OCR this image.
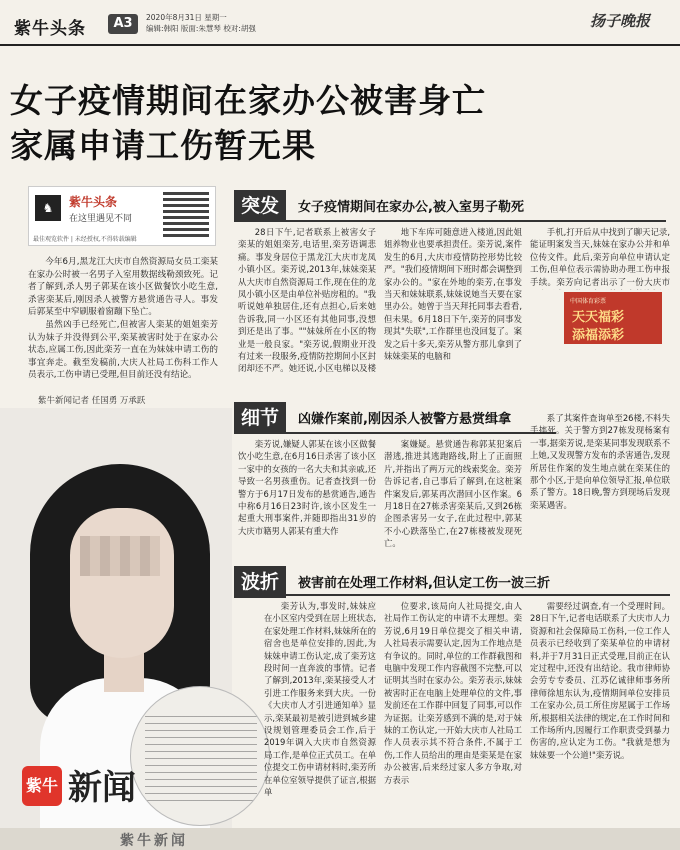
紫牛头条	A3	2020年8月31日 星期一
编辑:韩阳 版面:朱慧琴 校对:胡强	扬子晚报
女子疫情期间在家办公被害身亡
家属申请工伤暂无果
♞	紫牛头条
在这里遇见不同
最佳观览软件 | 未经授权,不得转载编辑

今年6月,黑龙江大庆市自然资源局女员工栾某在家办公时被一名男子入室用数据线勒颈致死。记者了解到,杀人男子郭某在该小区做餐饮小吃生意,杀害栾某后,刚因杀人被警方悬赏通告寻人。事发后郭某至中窄刷服着窗蹦下坠亡。

虽然凶手已经死亡,但被害人栾某的姐姐栾芳认为妹子并没得到公平,栾某被害时处于在家办公状态,应属工伤,因此栾芳一直在为妹妹申请工伤的事宜奔走。截至发稿前,大庆人社局工伤科工作人员表示,工伤申请已受理,但目前还没有结论。

紫牛新闻记者 任国勇 万承跃
紫牛 新闻
突发	女子疫情期间在家办公,被入室男子勒死

28日下午,记者联系上被害女子栾某的姐姐栾芳,电话里,栾芳语调悲痛。事发身居位于黑龙江大庆市龙凤小镇小区。栾芳说,2013年,妹妹栾某从大庆市自然资源局工作,现在住的龙凤小镇小区是由单位补贴房租的。"我听说她单独居住,还有点担心,后来她告诉我,同一小区还有其他同事,没想到还是出了事。""妹妹所在小区的物业是一般良家。"栾芳说,假期业开没有过来一段服务,疫情防控期间小区封闭却还不严。她还说,小区电梯以及楼

地下车库可随意进入楼道,因此姐姐养物业也要承担责任。栾芳说,案件发生的6月,大庆市疫情防控形势比较严。"我们疫情期间下班时都会调整到家办公的。"家在外地的栾芳,在事发当天和妹妹联系,妹妹说她当天要在家里办公。她曾于当天拜托同事去看看,但未果。6月18日下午,栾芳的同事发现其"失联",工作群里也没回复了。案发之后十多天,栾芳从警方那儿拿到了妹妹栾某的电脑和

手机,打开后从中找到了聊天记录,能证明案发当天,妹妹在家办公并和单位传文件。此后,栾芳向单位申请认定工伤,但单位表示需协助办理工伤申报手续。栾芳向记者出示了一份大庆市

中国体育彩票
天天福彩
添福添彩
细节	凶嫌作案前,刚因杀人被警方悬赏缉拿

栾芳说,嫌疑人郭某在该小区做餐饮小吃生意,在6月16日杀害了该小区一家中的女孩的一名大夫和其亲戚,还导致一名男孩重伤。记者查找到一份警方于6月17日发布的悬赏通告,通告中称6月16日23时许,该小区发生一起重大刑事案件,并随即指出31岁的大庆市籍男人郭某有重大作

案嫌疑。悬赏通告称郭某犯案后潜逃,推进其逃跑路线,附上了正面照片,并指出了两万元的线索奖金。栾芳告诉记者,自己事后了解到,在这桩案件案发后,郭某再次潜回小区作案。6月18日在27栋杀害栾某后,又到26栋企图杀害另一女子,在此过程中,郭某不小心跌落坠亡,在27栋楼被发现死亡。

系了其案件查询单至26楼,不料失手摔死。关于警方到27栋发现杨案有一事,据栾芳说,是栾某同事发现联系不上她,又发现警方发布的杀害通告,发现所居住作案的发生地点就在栾某住的那个小区,于是向单位领导汇报,单位联系了警方。18日晚,警方到现场后发现栾某遇害。

波折	被害前在处理工作材料,但认定工伤一波三折

栾芳认为,事发时,妹妹应在小区室内受到在居上班状态,在家处理工作材料,妹妹所在的宿舍也是单位安排的,因此,为妹妹申请工伤认定,成了栾芳这段时间一直奔波的事情。记者了解到,2013年,栾某接受人才引进工作服务来到大庆。一份《大庆市人才引进通知单》显示,栾某最初是被引进到城乡建设规划管理委员会工作,后于2019年调入大庆市自然资源局工作,是单位正式员工。在单位提交工伤申请材料时,栾芳所在单位室领导提供了证言,根据单

位要求,该局向人社局提交,由人社局作工伤认定的申请不太理想。栾芳说,6月19日单位提交了相关申请,人社局表示需要认定,因为工作地点是有争议的。同时,单位的工作群截图和电脑中发现工作内容截图不完整,可以证明其当时在家办公。栾芳表示,妹妹被害时正在电脑上处理单位的文件,事发前还在工作群中回复了同事,可以作为证据。让栾芳感到不满的是,对于妹妹的工伤认定,一开始大庆市人社局工作人员表示其不符合条件,不属于工伤,工作人员给出的理由是栾某是在家办公被害,后来经过家人多方争取,对方表示

需要经过调查,有一个受理时间。28日下午,记者电话联系了大庆市人力资源和社会保障局工伤科,一位工作人员表示已经收到了栾某单位的申请材料,并于7月31日正式受理,目前正在认定过程中,还没有出结论。我市律师协会劳专专委员、江苏亿诚律师事务所律师徐旭东认为,疫情期间单位安排员工在家办公,员工所住房屋属于工作场所,根据相关法律的规定,在工作时间和工作场所内,因履行工作职责受到暴力伤害的,应认定为工伤。"我就是想为妹妹要一个公道!"栾芳说。

紫牛新闻
